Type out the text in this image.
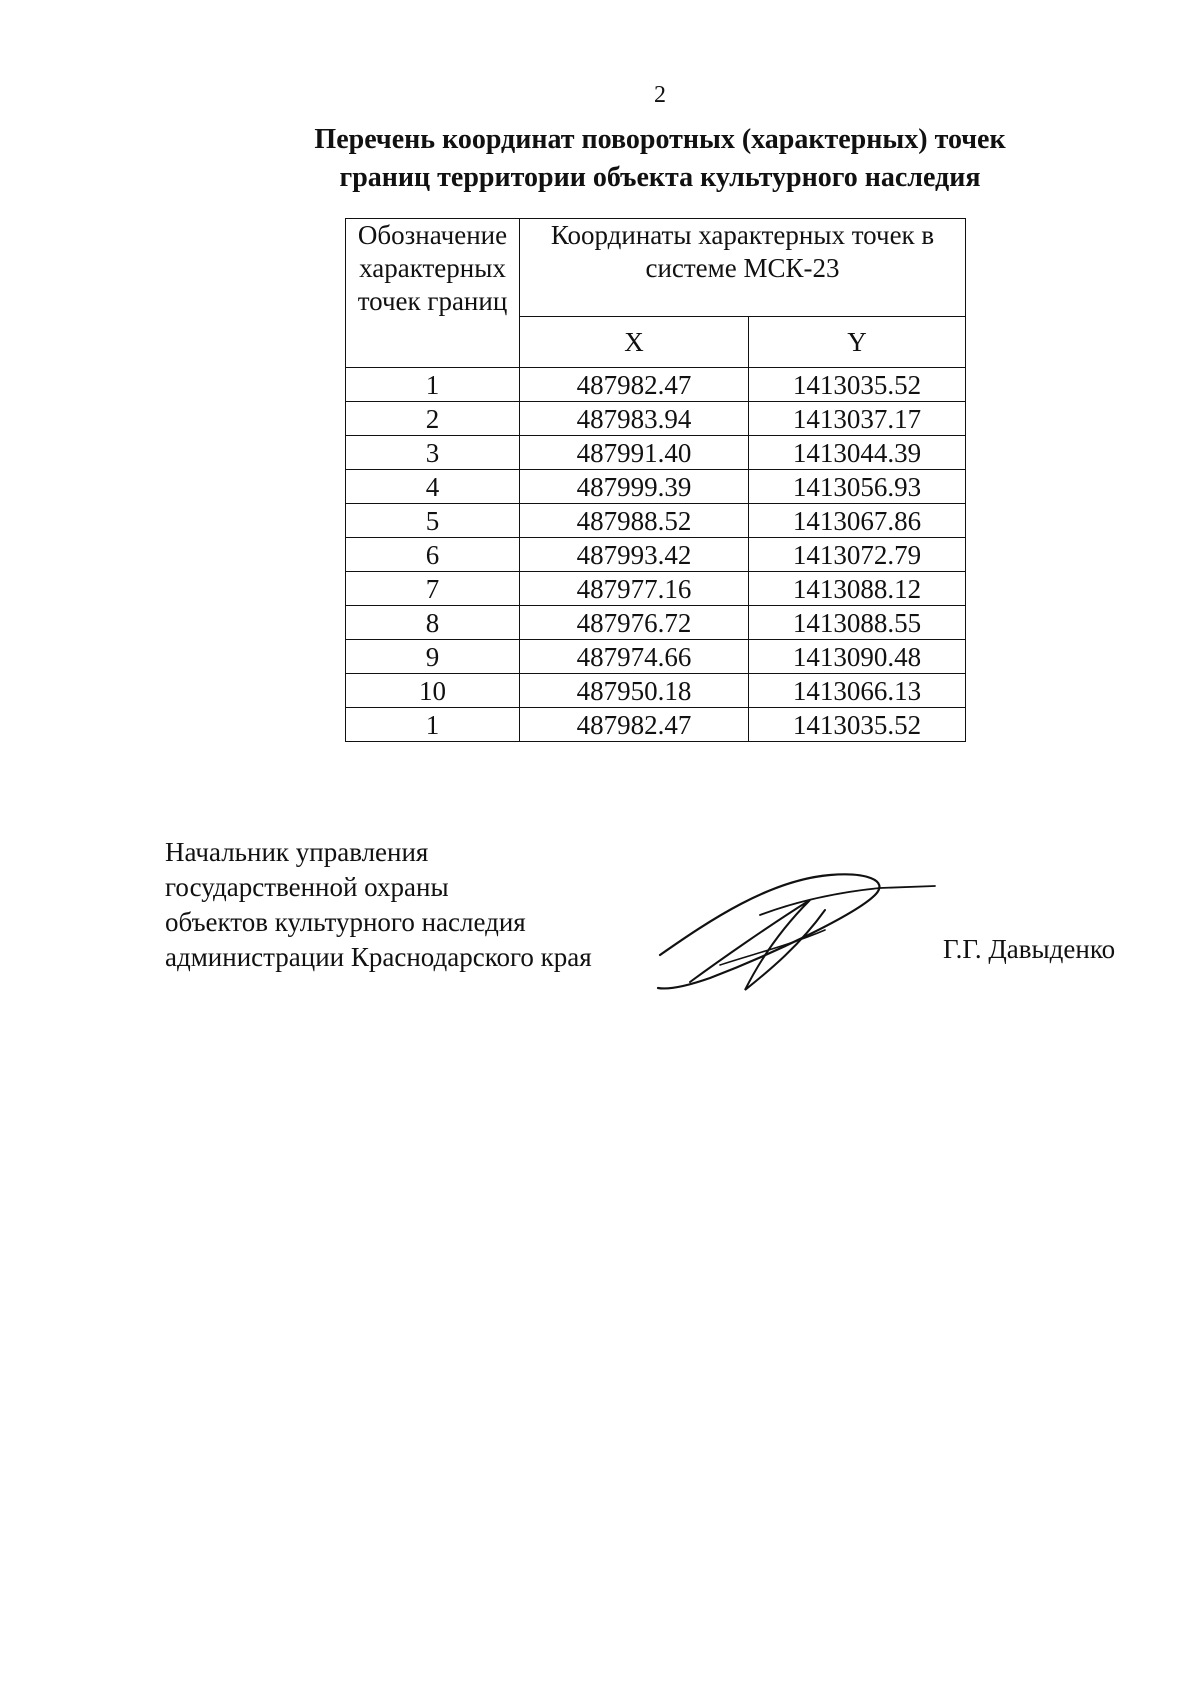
2
Перечень координат поворотных (характерных) точек
границ территории объекта культурного наследия
Обозначение характерных точек границ	Координаты характерных точек в системе МСК-23	
	X	Y
1	487982.47	1413035.52
2	487983.94	1413037.17
3	487991.40	1413044.39
4	487999.39	1413056.93
5	487988.52	1413067.86
6	487993.42	1413072.79
7	487977.16	1413088.12
8	487976.72	1413088.55
9	487974.66	1413090.48
10	487950.18	1413066.13
1	487982.47	1413035.52
Начальник управления
государственной охраны
объектов культурного наследия
администрации Краснодарского края	Г.Г. Давыденко
